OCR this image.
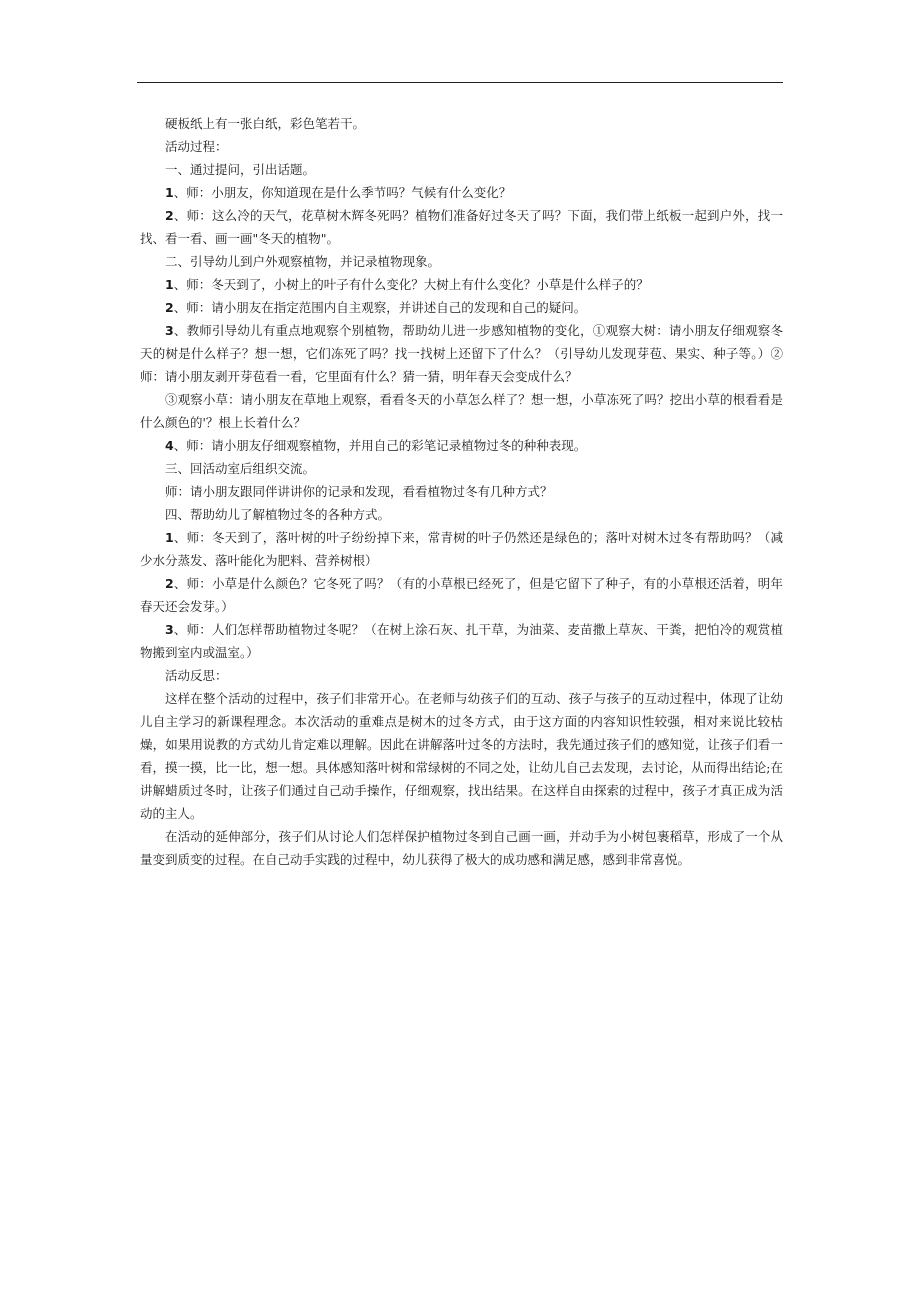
硬板纸上有一张白纸，彩色笔若干。

活动过程：

一、通过提问，引出话题。

1、师：小朋友，你知道现在是什么季节吗？气候有什么变化？

2、师：这么冷的天气，花草树木辉冬死吗？植物们准备好过冬天了吗？下面，我们带上纸板一起到户外，找一找、看一看、画一画"冬天的植物"。

二、引导幼儿到户外观察植物，并记录植物现象。

1、师：冬天到了，小树上的叶子有什么变化？大树上有什么变化？小草是什么样子的？

2、师：请小朋友在指定范围内自主观察，并讲述自己的发现和自己的疑问。

3、教师引导幼儿有重点地观察个别植物，帮助幼儿进一步感知植物的变化，①观察大树：请小朋友仔细观察冬天的树是什么样子？想一想，它们冻死了吗？找一找树上还留下了什么？（引导幼儿发现芽苞、果实、种子等。）②师：请小朋友剥开芽苞看一看，它里面有什么？猜一猜，明年春天会变成什么？

③观察小草：请小朋友在草地上观察，看看冬天的小草怎么样了？想一想，小草冻死了吗？挖出小草的根看看是什么颜色的'？根上长着什么？

4、师：请小朋友仔细观察植物，并用自己的彩笔记录植物过冬的种种表现。

三、回活动室后组织交流。

师：请小朋友跟同伴讲讲你的记录和发现，看看植物过冬有几种方式？

四、帮助幼儿了解植物过冬的各种方式。

1、师：冬天到了，落叶树的叶子纷纷掉下来，常青树的叶子仍然还是绿色的；落叶对树木过冬有帮助吗？（减少水分蒸发、落叶能化为肥料、营养树根）

2、师：小草是什么颜色？它冬死了吗？（有的小草根已经死了，但是它留下了种子，有的小草根还活着，明年春天还会发芽。）

3、师：人们怎样帮助植物过冬呢？（在树上涂石灰、扎干草，为油菜、麦苗撒上草灰、干粪，把怕冷的观赏植物搬到室内或温室。）

活动反思：

这样在整个活动的过程中，孩子们非常开心。在老师与幼孩子们的互动、孩子与孩子的互动过程中，体现了让幼儿自主学习的新课程理念。本次活动的重难点是树木的过冬方式，由于这方面的内容知识性较强，相对来说比较枯燥，如果用说教的方式幼儿肯定难以理解。因此在讲解落叶过冬的方法时，我先通过孩子们的感知觉，让孩子们看一看，摸一摸，比一比，想一想。具体感知落叶树和常绿树的不同之处，让幼儿自己去发现，去讨论，从而得出结论;在讲解蜡质过冬时，让孩子们通过自己动手操作，仔细观察，找出结果。在这样自由探索的过程中，孩子才真正成为活动的主人。

在活动的延伸部分，孩子们从讨论人们怎样保护植物过冬到自己画一画，并动手为小树包裹稻草，形成了一个从量变到质变的过程。在自己动手实践的过程中，幼儿获得了极大的成功感和满足感，感到非常喜悦。
